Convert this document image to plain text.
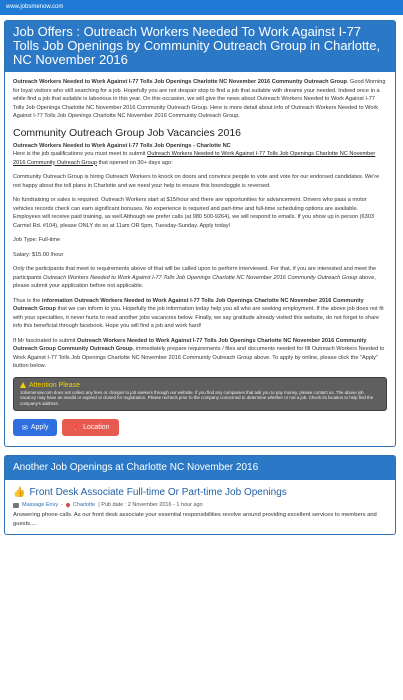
www.jobsmenow.com
Job Offers : Outreach Workers Needed To Work Against I-77 Tolls Job Openings by Community Outreach Group in Charlotte, NC November 2016

Outreach Workers Needed to Work Against I-77 Tolls Job Openings Charlotte NC November 2016 Community Outreach Group. Good Morning for loyal visitors who still searching for a job. Hopefully you are not despair stop to find a job that suitable with dreams your needed. Indeed once in a while find a job that suitable is laborious in this year. On this occasion, we will give the news about Outreach Workers Needed to Work Against I-77 Tolls Job Openings Charlotte NC November 2016 Community Outreach Group. Here is more detail about info of Outreach Workers Needed to Work Against I-77 Tolls Job Openings Charlotte NC November 2016 Community Outreach Group.

Community Outreach Group Job Vacancies 2016
Outreach Workers Needed to Work Against I-77 Tolls Job Openings - Charlotte NC

Here is the job qualifications you must meet to submit Outreach Workers Needed to Work Against I-77 Tolls Job Openings Charlotte NC November 2016 Community Outreach Group that opened on 30+ days ago:

Community Outreach Group is hiring Outreach Workers to knock on doors and convince people to vote and vote for our endorsed candidates. We're not happy about the toll plans in Charlotte and we need your help to ensure this boondoggle is reversed.

No fundraising or sales is required. Outreach Workers start at $15/hour and there are opportunities for advancement. Drivers who pass a motor vehicles records check can earn significant bonuses. No experience is required and part-time and full-time scheduling options are available. Employees will receive paid training, as well.Although we prefer calls (at 980 500-9264), we will respond to emails. If you show up in person (6303 Carmel Rd. #104), please ONLY do so at 11am OR 5pm, Tuesday-Sunday. Apply today!

Job Type: Full-time

Salary: $15.00 /hour

Only the participants that meet to requirements above of that will be called upon to perform interviewed. For that, if you are interested and meet the participants Outreach Workers Needed to Work Against I-77 Tolls Job Openings Charlotte NC November 2016 Community Outreach Group above, please submit your application before not applicable.

Thus is the information Outreach Workers Needed to Work Against I-77 Tolls Job Openings Charlotte NC November 2016 Community Outreach Group that we can inform to you. Hopefully the job information today help you all who are seeking employment. If the above job does not fit with your specialties, it never hurts to read another jobs vacancies below. Finally, we say gratitude already visited this website, do not forget to share info this beneficial through facebook. Hope you will find a job and work hard!

If Mr fascinated to submit Outreach Workers Needed to Work Against I-77 Tolls Job Openings Charlotte NC November 2016 Community Outreach Group Community Outreach Group, immediately prepare requirements / files and documents needed for fill Outreach Workers Needed to Work Against I-77 Tolls Job Openings Charlotte NC November 2016 Community Outreach Group above. To apply by online, please click the "Apply" button below.

Attention Please
Jobsmenow.com does not collect any fees or charges to job seekers through our website. If you find any companies that ask you to pay money, please contact us. The above job vacancy may have an invalid or expired or closed for registration. Please recheck prior to the company concerned to determine whether or not a job. Check its location to help find the company's address.
✉ Apply	📍 Location
Another Job Openings at Charlotte NC November 2016
👍 Front Desk Associate Full-time Or Part-time Job Openings
Massage Envy - Charlotte | Pub date : 2 November 2016 - 1 hour ago
Answering phone calls. As our front desk associate your essential responsibilities revolve around providing excellent services to members and guests....
